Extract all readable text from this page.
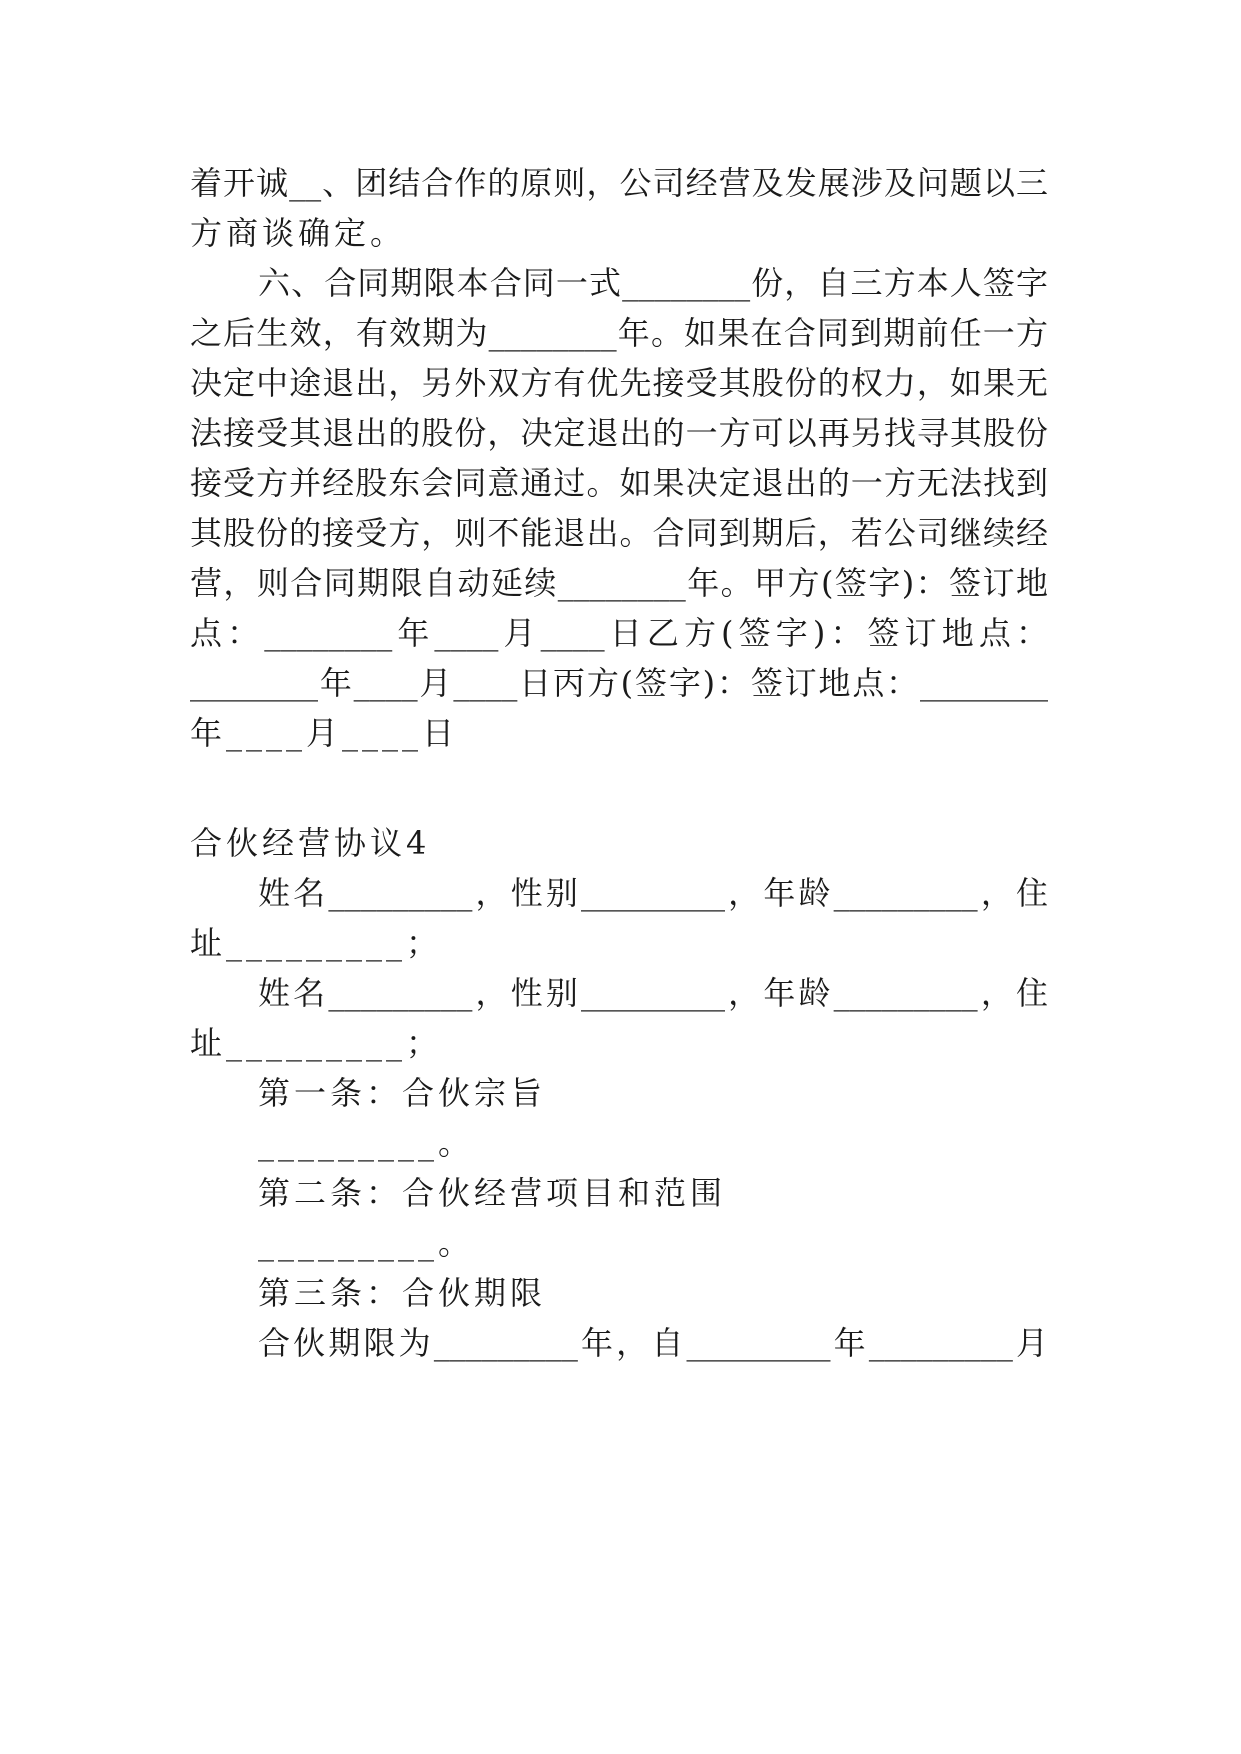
着开诚__、团结合作的原则，公司经营及发展涉及问题以三
方商谈确定。
六、合同期限本合同一式________份，自三方本人签字
之后生效，有效期为________年。如果在合同到期前任一方
决定中途退出，另外双方有优先接受其股份的权力，如果无
法接受其退出的股份，决定退出的一方可以再另找寻其股份
接受方并经股东会同意通过。如果决定退出的一方无法找到
其股份的接受方，则不能退出。合同到期后，若公司继续经
营，则合同期限自动延续________年。甲方(签字)：签订地
点：________年____月____日乙方(签字)：签订地点：
________年____月____日丙方(签字)：签订地点：________
年____月____日
合伙经营协议4
姓名_________，性别_________，年龄_________，住
址_________；
姓名_________，性别_________，年龄_________，住
址_________；
第一条：合伙宗旨
_________。
第二条：合伙经营项目和范围
_________。
第三条：合伙期限
合伙期限为_________年，自_________年_________月
